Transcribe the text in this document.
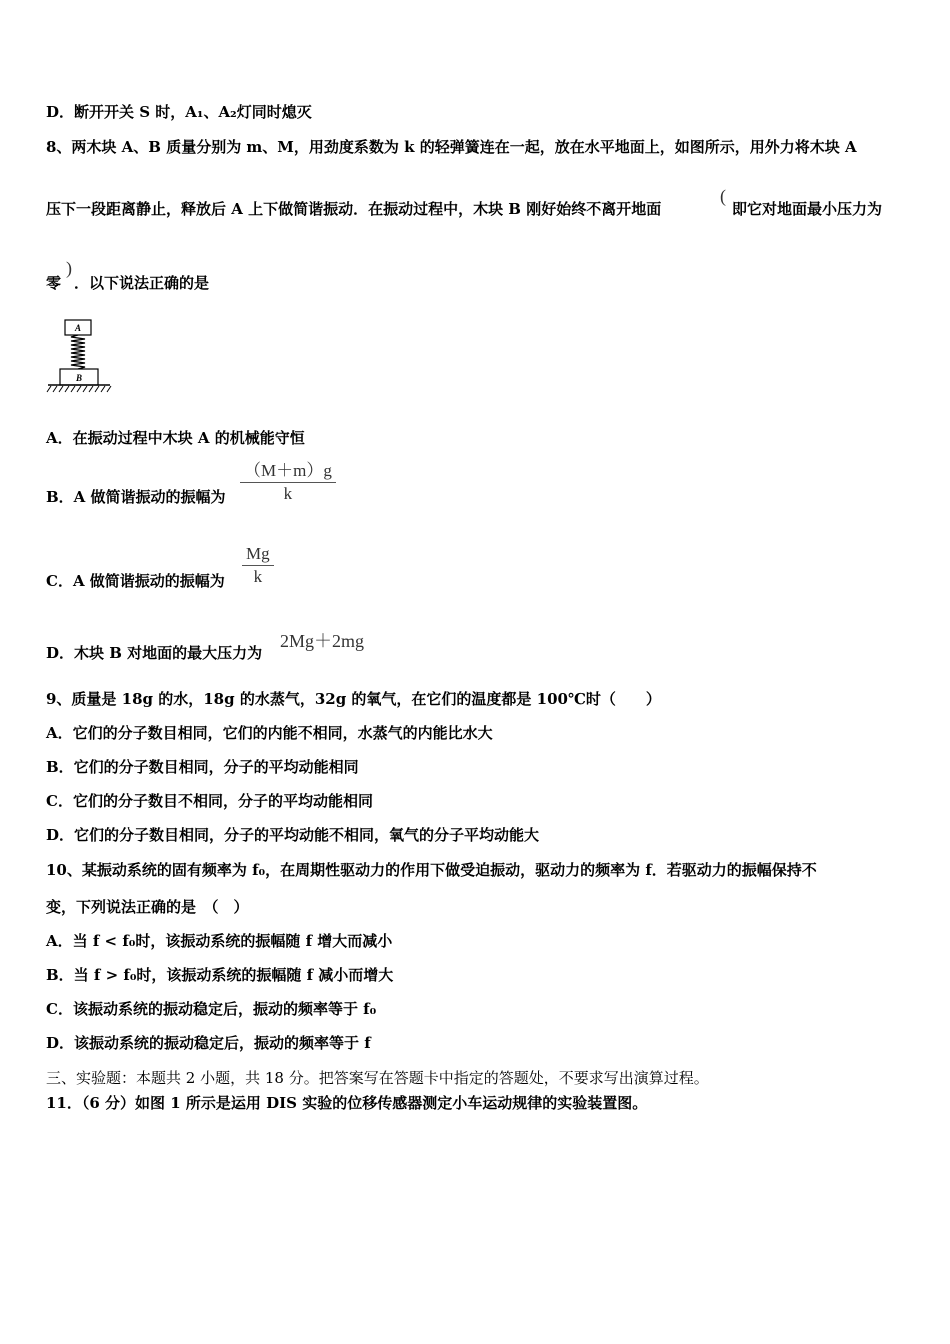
D．断开开关 S 时，A₁、A₂灯同时熄灭
8、两木块 A、B 质量分别为 m、M，用劲度系数为 k 的轻弹簧连在一起，放在水平地面上，如图所示，用外力将木块 A
压下一段距离静止，释放后 A 上下做简谐振动．在振动过程中，木块 B 刚好始终不离开地面
(
即它对地面最小压力为
零
)
．以下说法正确的是
A
B
A．在振动过程中木块 A 的机械能守恒
B．A 做简谐振动的振幅为 $\frac{(M+m)g}{k}$
C．A 做简谐振动的振幅为 $\frac{Mg}{k}$
D．木块 B 对地面的最大压力为
2Mg＋2mg
9、质量是 18g 的水，18g 的水蒸气，32g 的氧气，在它们的温度都是 100℃时（　　）
A．它们的分子数目相同，它们的内能不相同，水蒸气的内能比水大
B．它们的分子数目相同，分子的平均动能相同
C．它们的分子数目不相同，分子的平均动能相同
D．它们的分子数目相同，分子的平均动能不相同，氧气的分子平均动能大
10、某振动系统的固有频率为 f₀，在周期性驱动力的作用下做受迫振动，驱动力的频率为 f．若驱动力的振幅保持不
变，下列说法正确的是　（　）
A．当 f < f₀时，该振动系统的振幅随 f 增大而减小
B．当 f > f₀时，该振动系统的振幅随 f 减小而增大
C．该振动系统的振动稳定后，振动的频率等于 f₀
D．该振动系统的振动稳定后，振动的频率等于 f
三、实验题：本题共 2 小题，共 18 分。把答案写在答题卡中指定的答题处，不要求写出演算过程。
11．（6 分）如图 1 所示是运用 DIS 实验的位移传感器测定小车运动规律的实验装置图。
